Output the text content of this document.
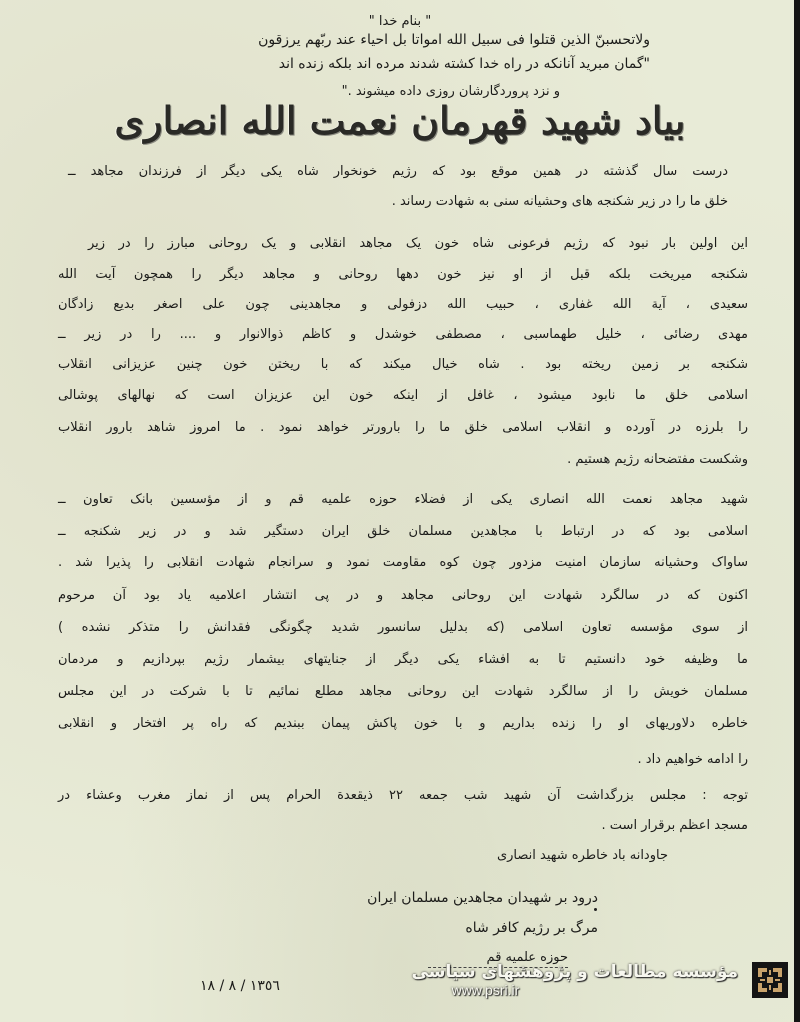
" بنام خدا "
ولاتحسبنّ الذین قتلوا فی سبیل الله امواتا بل احیاء عند ربّهم یرزقون
"گمان مبرید آنانکه در راه خدا کشته شدند مرده اند بلکه زنده اند
و نزد پروردگارشان روزی داده میشوند ."
بیاد شهید قهرمان نعمت الله انصاری
درست سال گذشته در همین موقع بود که رژیم خونخوار شاه یکی دیگر از فرزندان مجاهد ــ
خلق ما را در زیر شکنجه های وحشیانه سنی به شهادت رساند .
این اولین بار نبود که رژیم فرعونی شاه خون یک مجاهد انقلابی و یک روحانی مبارز را در زیر
شکنجه میریخت بلکه قبل از او نیز خون دهها روحانی و مجاهد دیگر را همچون آیت الله
سعیدی ، آیة الله غفاری ، حبیب الله دزفولی و مجاهدینی چون علی اصغر بدیع زادگان
مهدی رضائی ، خلیل طهماسبی ، مصطفی خوشدل و کاظم ذوالانوار و .... را در زیر ــ
شکنجه بر زمین ریخته بود . شاه خیال میکند که با ریختن خون چنین عزیزانی انقلاب
اسلامی خلق ما نابود میشود ، غافل از اینکه خون این عزیزان است که نهالهای پوشالی
را بلرزه در آورده و انقلاب اسلامی خلق ما را بارورتر خواهد نمود . ما امروز شاهد بارور انقلاب
وشکست مفتضحانه رژیم هستیم .
شهید مجاهد نعمت الله انصاری یکی از فضلاء حوزه علمیه قم و از مؤسسین بانک تعاون ــ
اسلامی بود که در ارتباط با مجاهدین مسلمان خلق ایران دستگیر شد و در زیر شکنجه ــ
ساواک وحشیانه سازمان امنیت مزدور چون کوه مقاومت نمود و سرانجام شهادت انقلابی را پذیرا شد .
اکنون که در سالگرد شهادت این روحانی مجاهد و در پی انتشار اعلامیه یاد بود آن مرحوم
از سوی مؤسسه تعاون اسلامی (که بدلیل سانسور شدید چگونگی فقدانش را متذکر نشده )
ما وظیفه خود دانستیم تا به افشاء یکی دیگر از جنایتهای بیشمار رژیم بپردازیم و مردمان
مسلمان خویش را از سالگرد شهادت این روحانی مجاهد مطلع نمائیم تا با شرکت در این مجلس
خاطره دلاوریهای او را زنده بداریم و با خون پاکش پیمان ببندیم که راه پر افتخار و انقلابی
را ادامه خواهیم داد .
توجه : مجلس بزرگداشت آن شهید شب جمعه ۲۲ ذیقعدة الحرام پس از نماز مغرب وعشاء در
مسجد اعظم برقرار است .
جاودانه باد خاطره شهید انصاری
درود بر شهیدان مجاهدین مسلمان ایران
مرگ بر رژیم کافر شاه
حوزه علمیه قم
١٣٥٦ / ٨ / ١٨
مؤسسه مطالعات و پژوهشهای سیاسی
www.psri.ir
